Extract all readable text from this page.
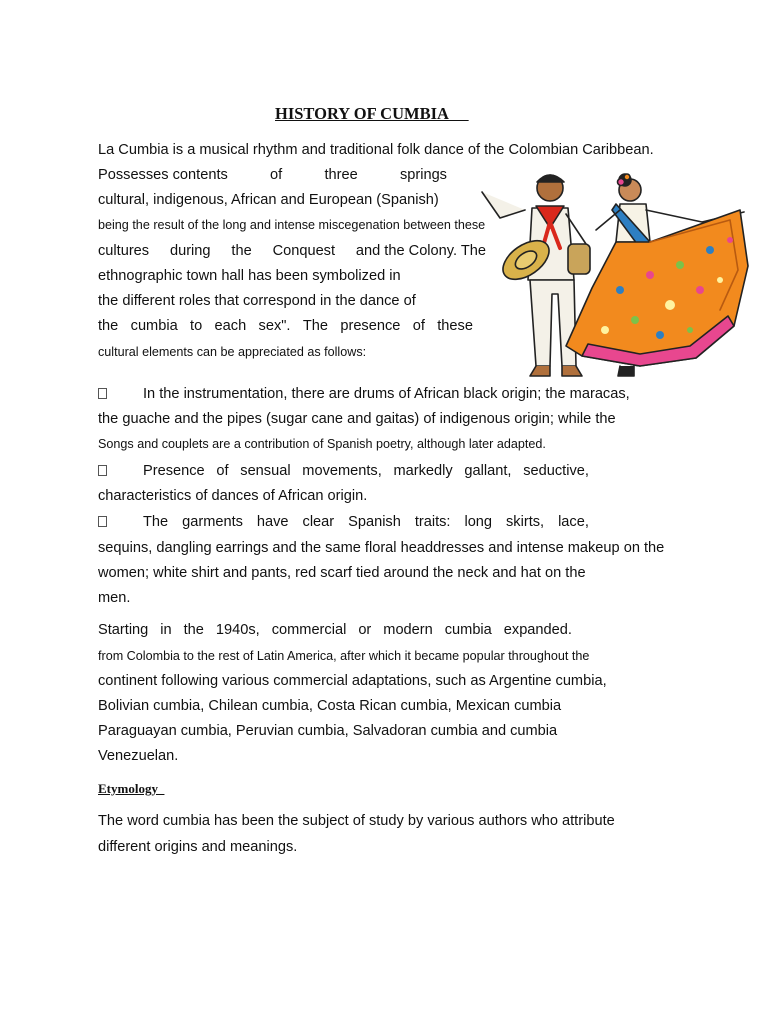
HISTORY OF CUMBIA

La Cumbia is a musical rhythm and traditional folk dance of the Colombian Caribbean.

Possesses contents	of	three	springs

cultural, indigenous, African and European (Spanish)

being the result of the long and intense miscegenation between these

cultures during the Conquest and the Colony. The

ethnographic town hall has been symbolized in

the different roles that correspond in the dance of

the cumbia to each sex". The presence of these

cultural elements can be appreciated as follows:

In the instrumentation, there are drums of African black origin; the maracas,

the guache and the pipes (sugar cane and gaitas) of indigenous origin; while the

Songs and couplets are a contribution of Spanish poetry, although later adapted.

Presence of sensual movements, markedly gallant, seductive,

characteristics of dances of African origin.

The garments have clear Spanish traits: long skirts, lace,

sequins, dangling earrings and the same floral headdresses and intense makeup on the

women; white shirt and pants, red scarf tied around the neck and hat on the

men.

Starting in the 1940s, commercial or modern cumbia expanded.

from Colombia to the rest of Latin America, after which it became popular throughout the

continent following various commercial adaptations, such as Argentine cumbia,

Bolivian cumbia, Chilean cumbia, Costa Rican cumbia, Mexican cumbia

Paraguayan cumbia, Peruvian cumbia, Salvadoran cumbia and cumbia

Venezuelan.

Etymology

The word cumbia has been the subject of study by various authors who attribute

different origins and meanings.
